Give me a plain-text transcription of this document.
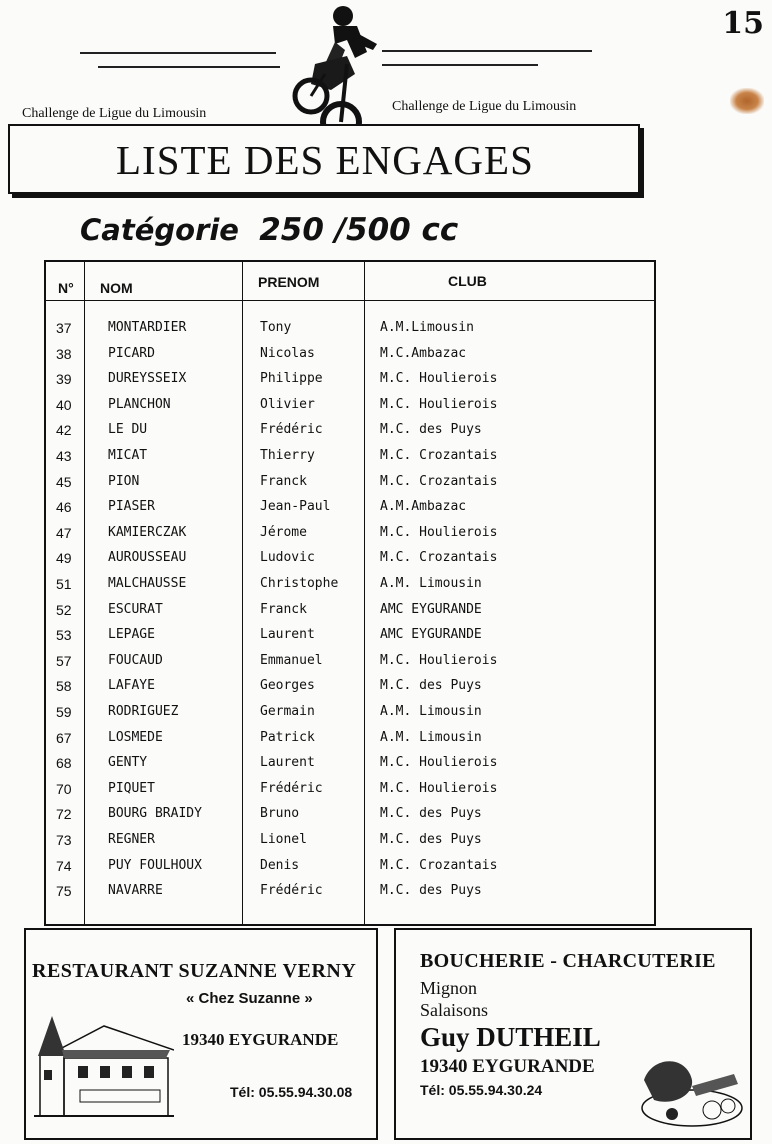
15
Challenge de Ligue du Limousin	Challenge de Ligue du Limousin
LISTE DES ENGAGES
Catégorie 250 /500 cc
N° NOM	PRENOM	CLUB
37	MONTARDIER	Tony	A.M.Limousin
38	PICARD	Nicolas	M.C.Ambazac
39	DUREYSSEIX	Philippe	M.C. Houlierois
40	PLANCHON	Olivier	M.C. Houlierois
42	LE DU	Frédéric	M.C. des Puys
43	MICAT	Thierry	M.C. Crozantais
45	PION	Franck	M.C. Crozantais
46	PIASER	Jean-Paul	A.M.Ambazac
47	KAMIERCZAK	Jérome	M.C. Houlierois
49	AUROUSSEAU	Ludovic	M.C. Crozantais
51	MALCHAUSSE	Christophe	A.M. Limousin
52	ESCURAT	Franck	AMC EYGURANDE
53	LEPAGE	Laurent	AMC EYGURANDE
57	FOUCAUD	Emmanuel	M.C. Houlierois
58	LAFAYE	Georges	M.C. des Puys
59	RODRIGUEZ	Germain	A.M. Limousin
67	LOSMEDE	Patrick	A.M. Limousin
68	GENTY	Laurent	M.C. Houlierois
70	PIQUET	Frédéric	M.C. Houlierois
72	BOURG BRAIDY	Bruno	M.C. des Puys
73	REGNER	Lionel	M.C. des Puys
74	PUY FOULHOUX	Denis	M.C. Crozantais
75	NAVARRE	Frédéric	M.C. des Puys
RESTAURANT SUZANNE VERNY
« Chez Suzanne »
19340 EYGURANDE
Tél: 05.55.94.30.08
BOUCHERIE - CHARCUTERIE
Mignon
Salaisons
Guy DUTHEIL
19340 EYGURANDE
Tél: 05.55.94.30.24
